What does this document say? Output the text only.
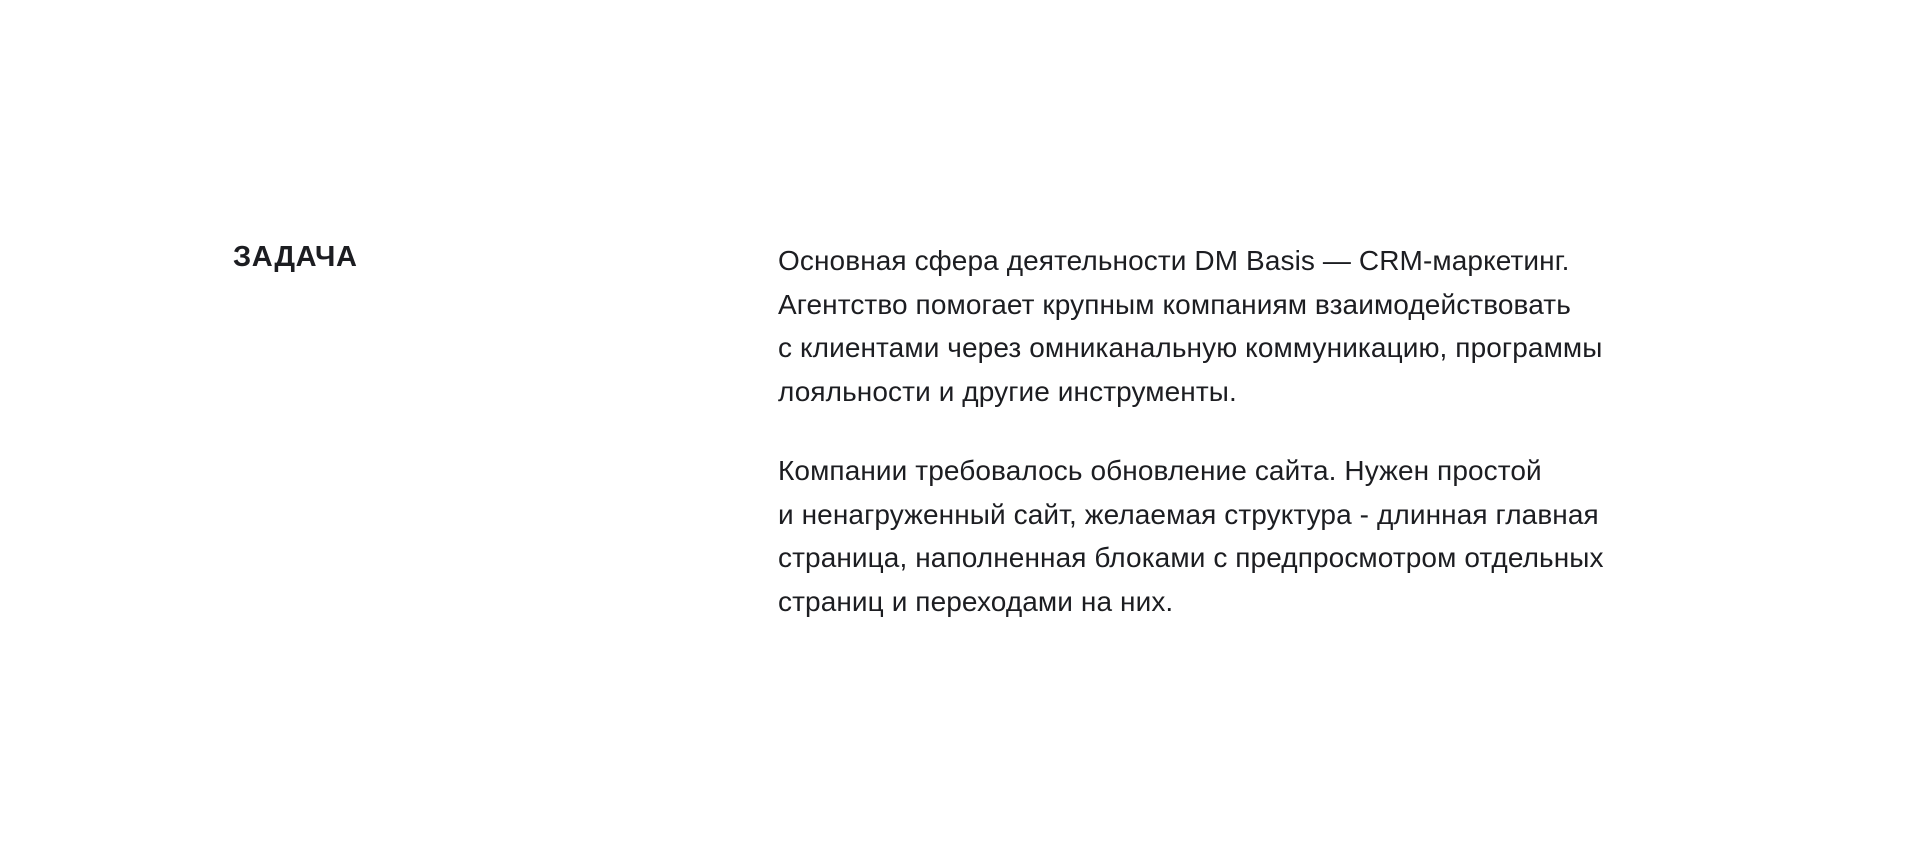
ЗАДАЧА	Основная сфера деятельности DM Basis — CRM-маркетинг.
Агентство помогает крупным компаниям взаимодействовать
с клиентами через омниканальную коммуникацию, программы
лояльности и другие инструменты.

Компании требовалось обновление сайта. Нужен простой
и ненагруженный сайт, желаемая структура - длинная главная
страница, наполненная блоками с предпросмотром отдельных
страниц и переходами на них.
